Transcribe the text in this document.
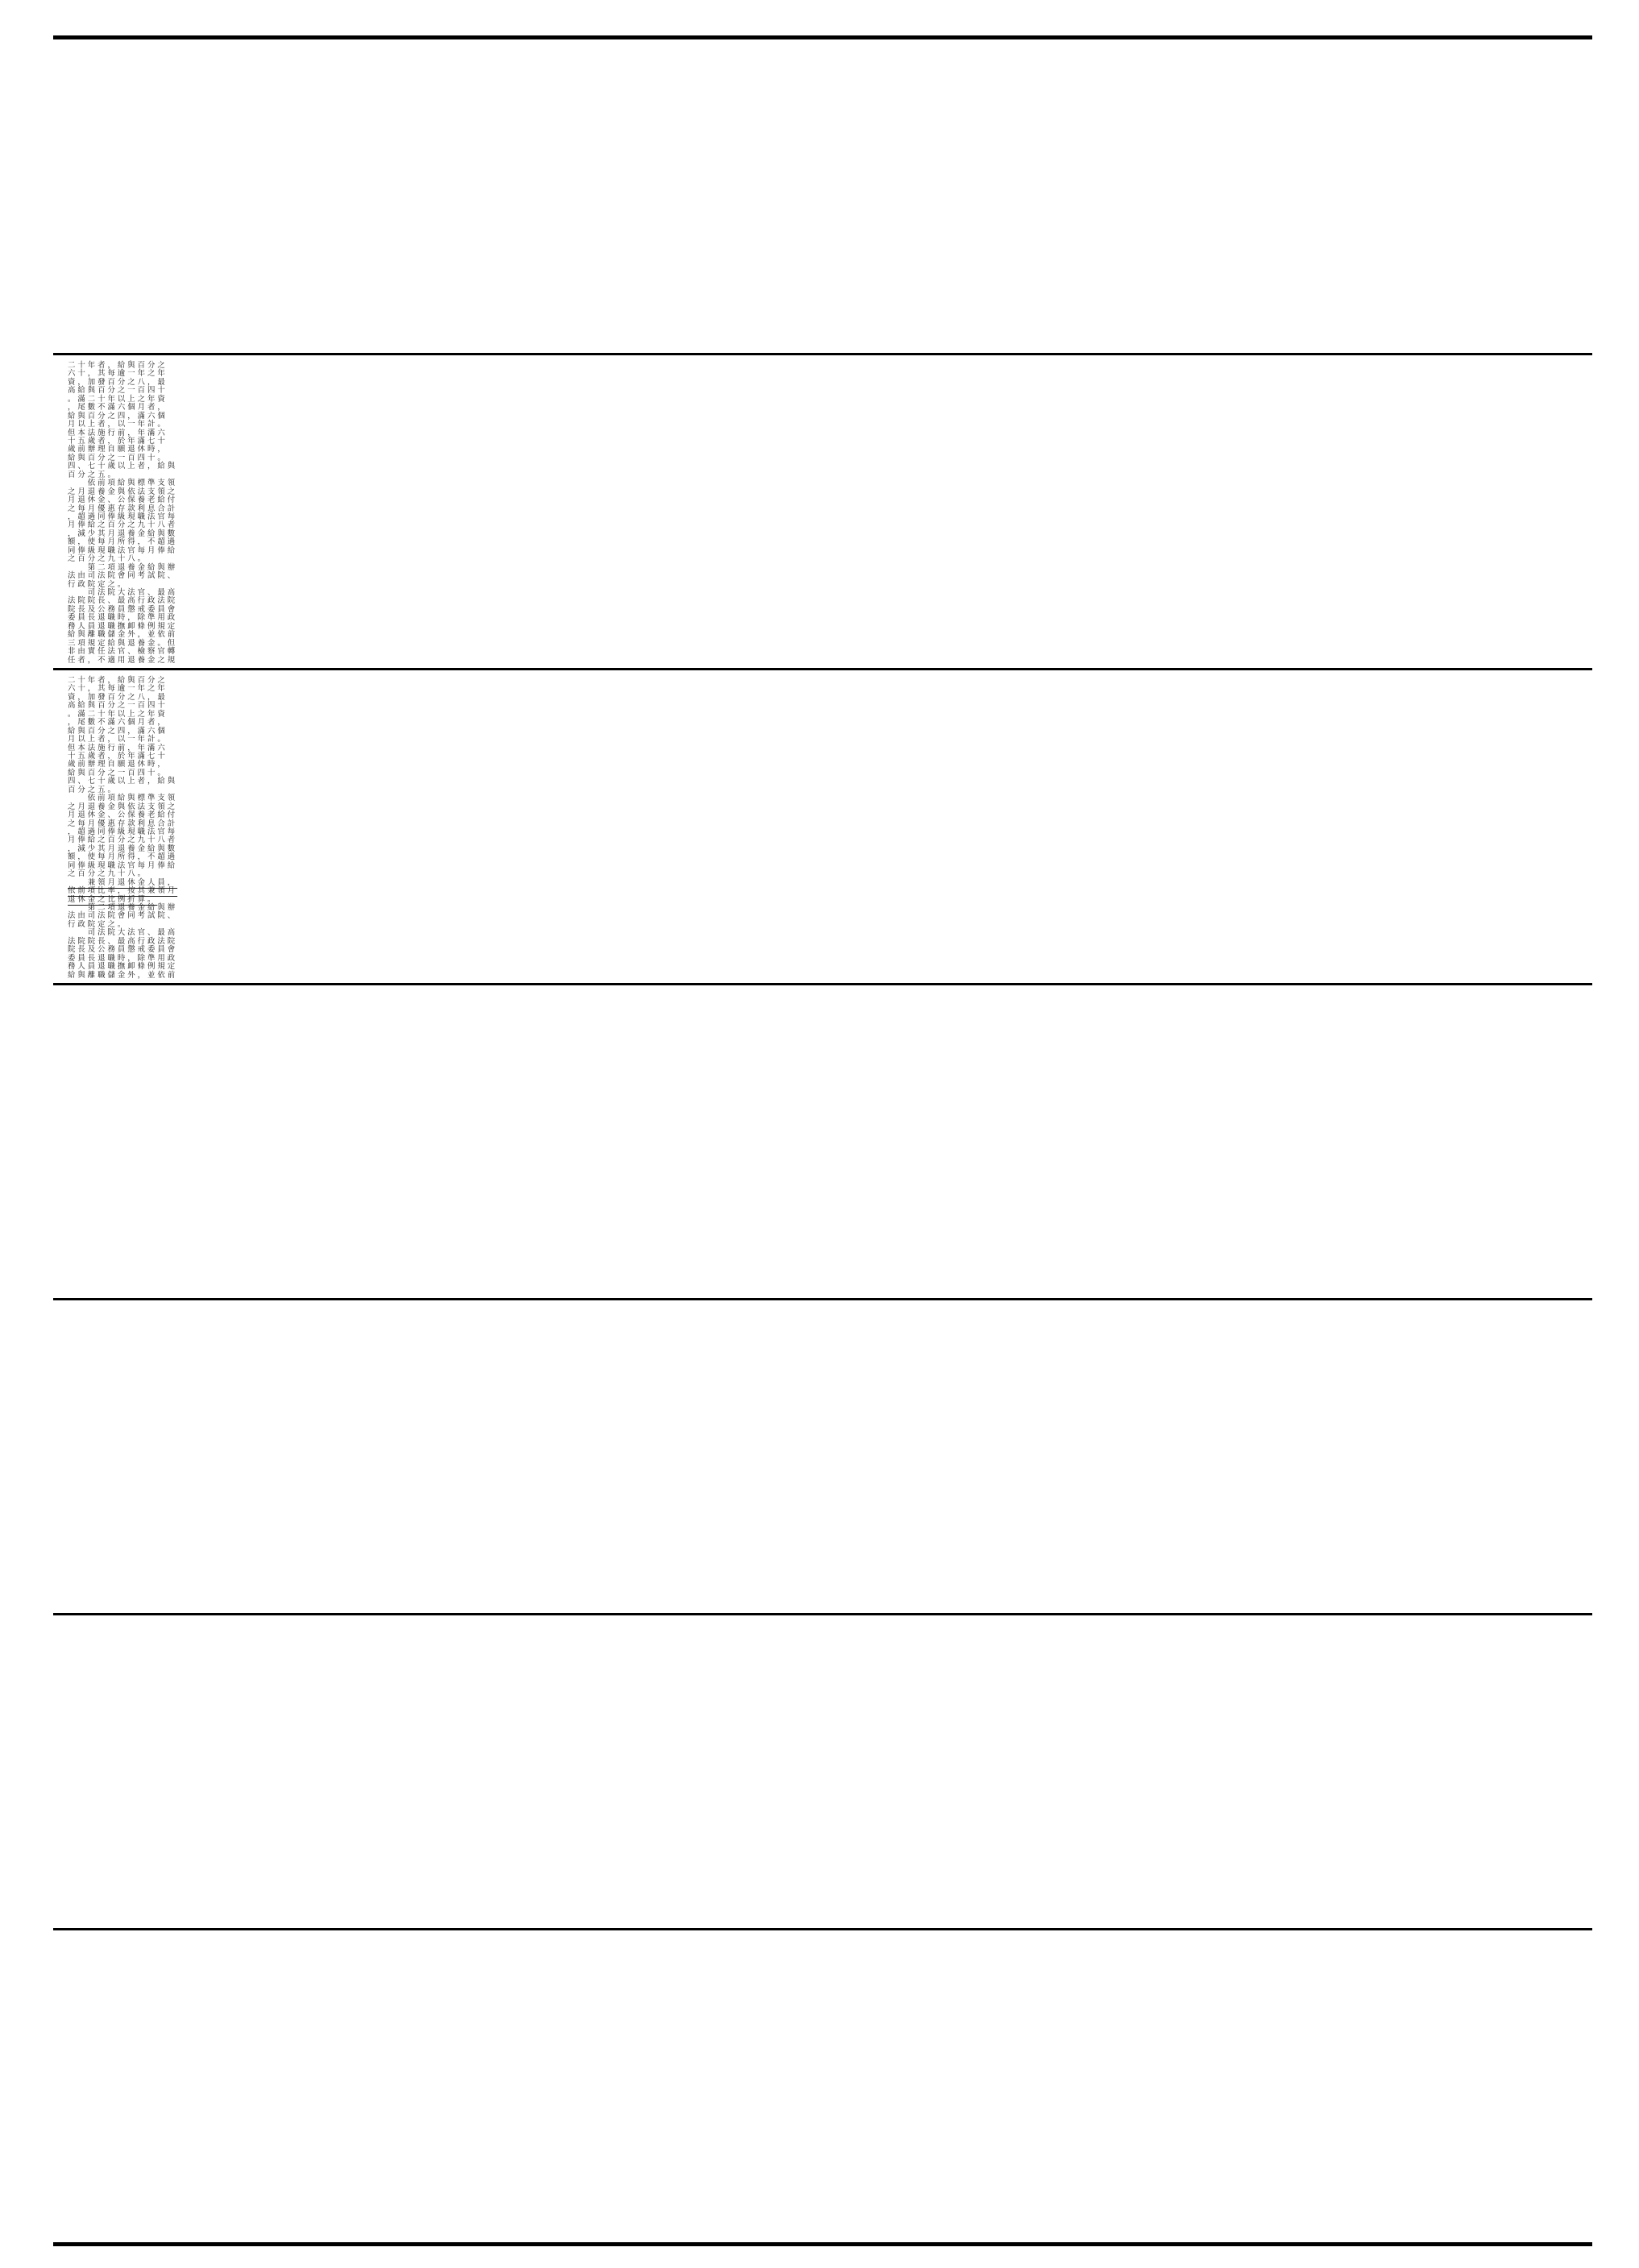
二十年者，給與百分之
六十，其每逾一年之年
資，加發百分之八，最
高給與百分之一百四十
。滿二十年以上之年資
，尾數不滿六個月者，
給與百分之四，滿六個
月以上者，以一年計。
但本法施行前，年滿六
十五歲者，於年滿七十
歲前辦理自願退休時，
給與百分之一百四十。
四、七十歲以上者，給與
百分之五。
　　依前項給與標準支領
之月退養金與依法支領之
月退休金、公保養老給付
之每月優惠存款利息合計
，超過同俸級現職法官每
月俸給之百分之九十八者
，減少其月退養金給與數
額，使每月所得，不超過
同俸級現職法官每月俸給
之百分之九十八。
　　第二項退養金給與辦
法由司法院會同考試院、
行政院定之。
　　司法院大法官、最高
法院院長、最高行政法院
院長及公務員懲戒委員會
委員長退職時，除準用政
務人員退職撫卹條例規定
給與離職儲金外，並依前
三項規定給與退養金。但
非由實任法官、檢察官轉
任者，不適用退養金之規
二十年者，給與百分之
六十，其每逾一年之年
資，加發百分之八，最
高給與百分之一百四十
。滿二十年以上之年資
，尾數不滿六個月者，
給與百分之四，滿六個
月以上者，以一年計。
但本法施行前，年滿六
十五歲者，於年滿七十
歲前辦理自願退休時，
給與百分之一百四十。
四、七十歲以上者，給與
百分之五。
　　依前項給與標準支領
之月退養金與依法支領之
月退休金、公保養老給付
之每月優惠存款利息合計
，超過同俸級現職法官每
月俸給之百分之九十八者
，減少其月退養金給與數
額，使每月所得，不超過
同俸級現職法官每月俸給
之百分之九十八。
　　兼領月退休金人員，
依前項比率，按其兼領月
退休金之比例折算。
　　第二項退養金給與辦
法由司法院會同考試院、
行政院定之。
　　司法院大法官、最高
法院院長、最高行政法院
院長及公務員懲戒委員會
委員長退職時，除準用政
務人員退職撫卹條例規定
給與離職儲金外，並依前
